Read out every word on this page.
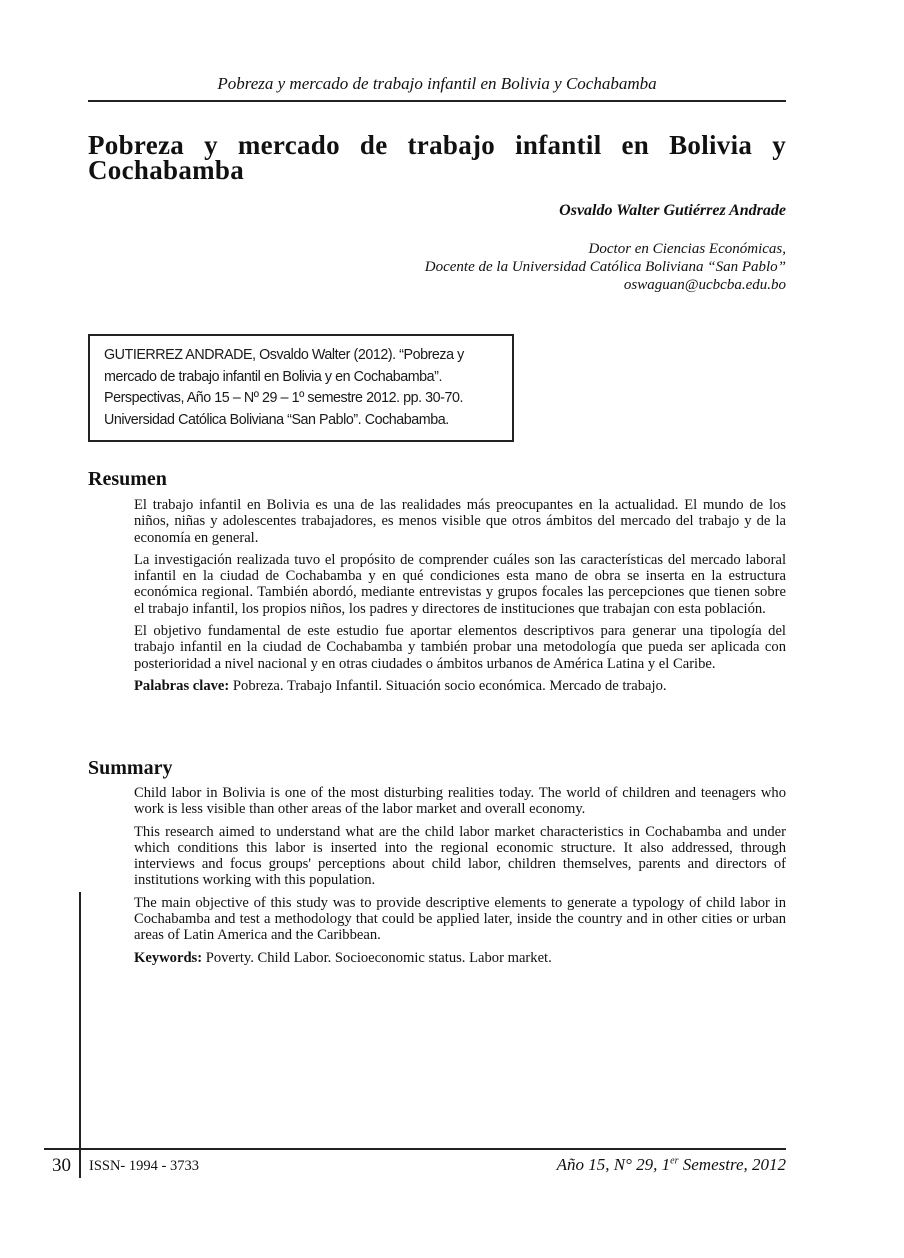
Pobreza y mercado de trabajo infantil en Bolivia y Cochabamba
Pobreza y mercado de trabajo infantil en Bolivia y Cochabamba
Osvaldo Walter Gutiérrez Andrade
Doctor en Ciencias Económicas,
Docente de la Universidad Católica Boliviana “San Pablo”
oswaguan@ucbcba.edu.bo
GUTIERREZ ANDRADE, Osvaldo Walter (2012). “Pobreza y mercado de trabajo infantil en Bolivia y en Cochabamba”. Perspectivas, Año 15 – Nº 29 – 1º semestre 2012. pp. 30-70. Universidad Católica Boliviana “San Pablo”. Cochabamba.
Resumen

El trabajo infantil en Bolivia es una de las realidades más preocupantes en la actualidad. El mundo de los niños, niñas y adolescentes trabajadores, es menos visible que otros ámbitos del mercado del trabajo y de la economía en general.

La investigación realizada tuvo el propósito de comprender cuáles son las características del mercado laboral infantil en la ciudad de Cochabamba y en qué condiciones esta mano de obra se inserta en la estructura económica regional. También abordó, mediante entrevistas y grupos focales las percepciones que tienen sobre el trabajo infantil, los propios niños, los padres y directores de instituciones que trabajan con esta población.

El objetivo fundamental de este estudio fue aportar elementos descriptivos para generar una tipología del trabajo infantil en la ciudad de Cochabamba y también probar una metodología que pueda ser aplicada con posterioridad a nivel nacional y en otras ciudades o ámbitos urbanos de América Latina y el Caribe.

Palabras clave: Pobreza. Trabajo Infantil. Situación socio económica. Mercado de trabajo.

Summary

Child labor in Bolivia is one of the most disturbing realities today. The world of children and teenagers who work is less visible than other areas of the labor market and overall economy.

This research aimed to understand what are the child labor market characteristics in Cochabamba and under which conditions this labor is inserted into the regional economic structure. It also addressed, through interviews and focus groups' perceptions about child labor, children themselves, parents and directors of institutions working with this population.

The main objective of this study was to provide descriptive elements to generate a typology of child labor in Cochabamba and test a methodology that could be applied later, inside the country and in other cities or urban areas of Latin America and the Caribbean.

Keywords: Poverty. Child Labor. Socioeconomic status. Labor market.

30 ISSN- 1994 - 3733	Año 15, N° 29, 1er Semestre, 2012
